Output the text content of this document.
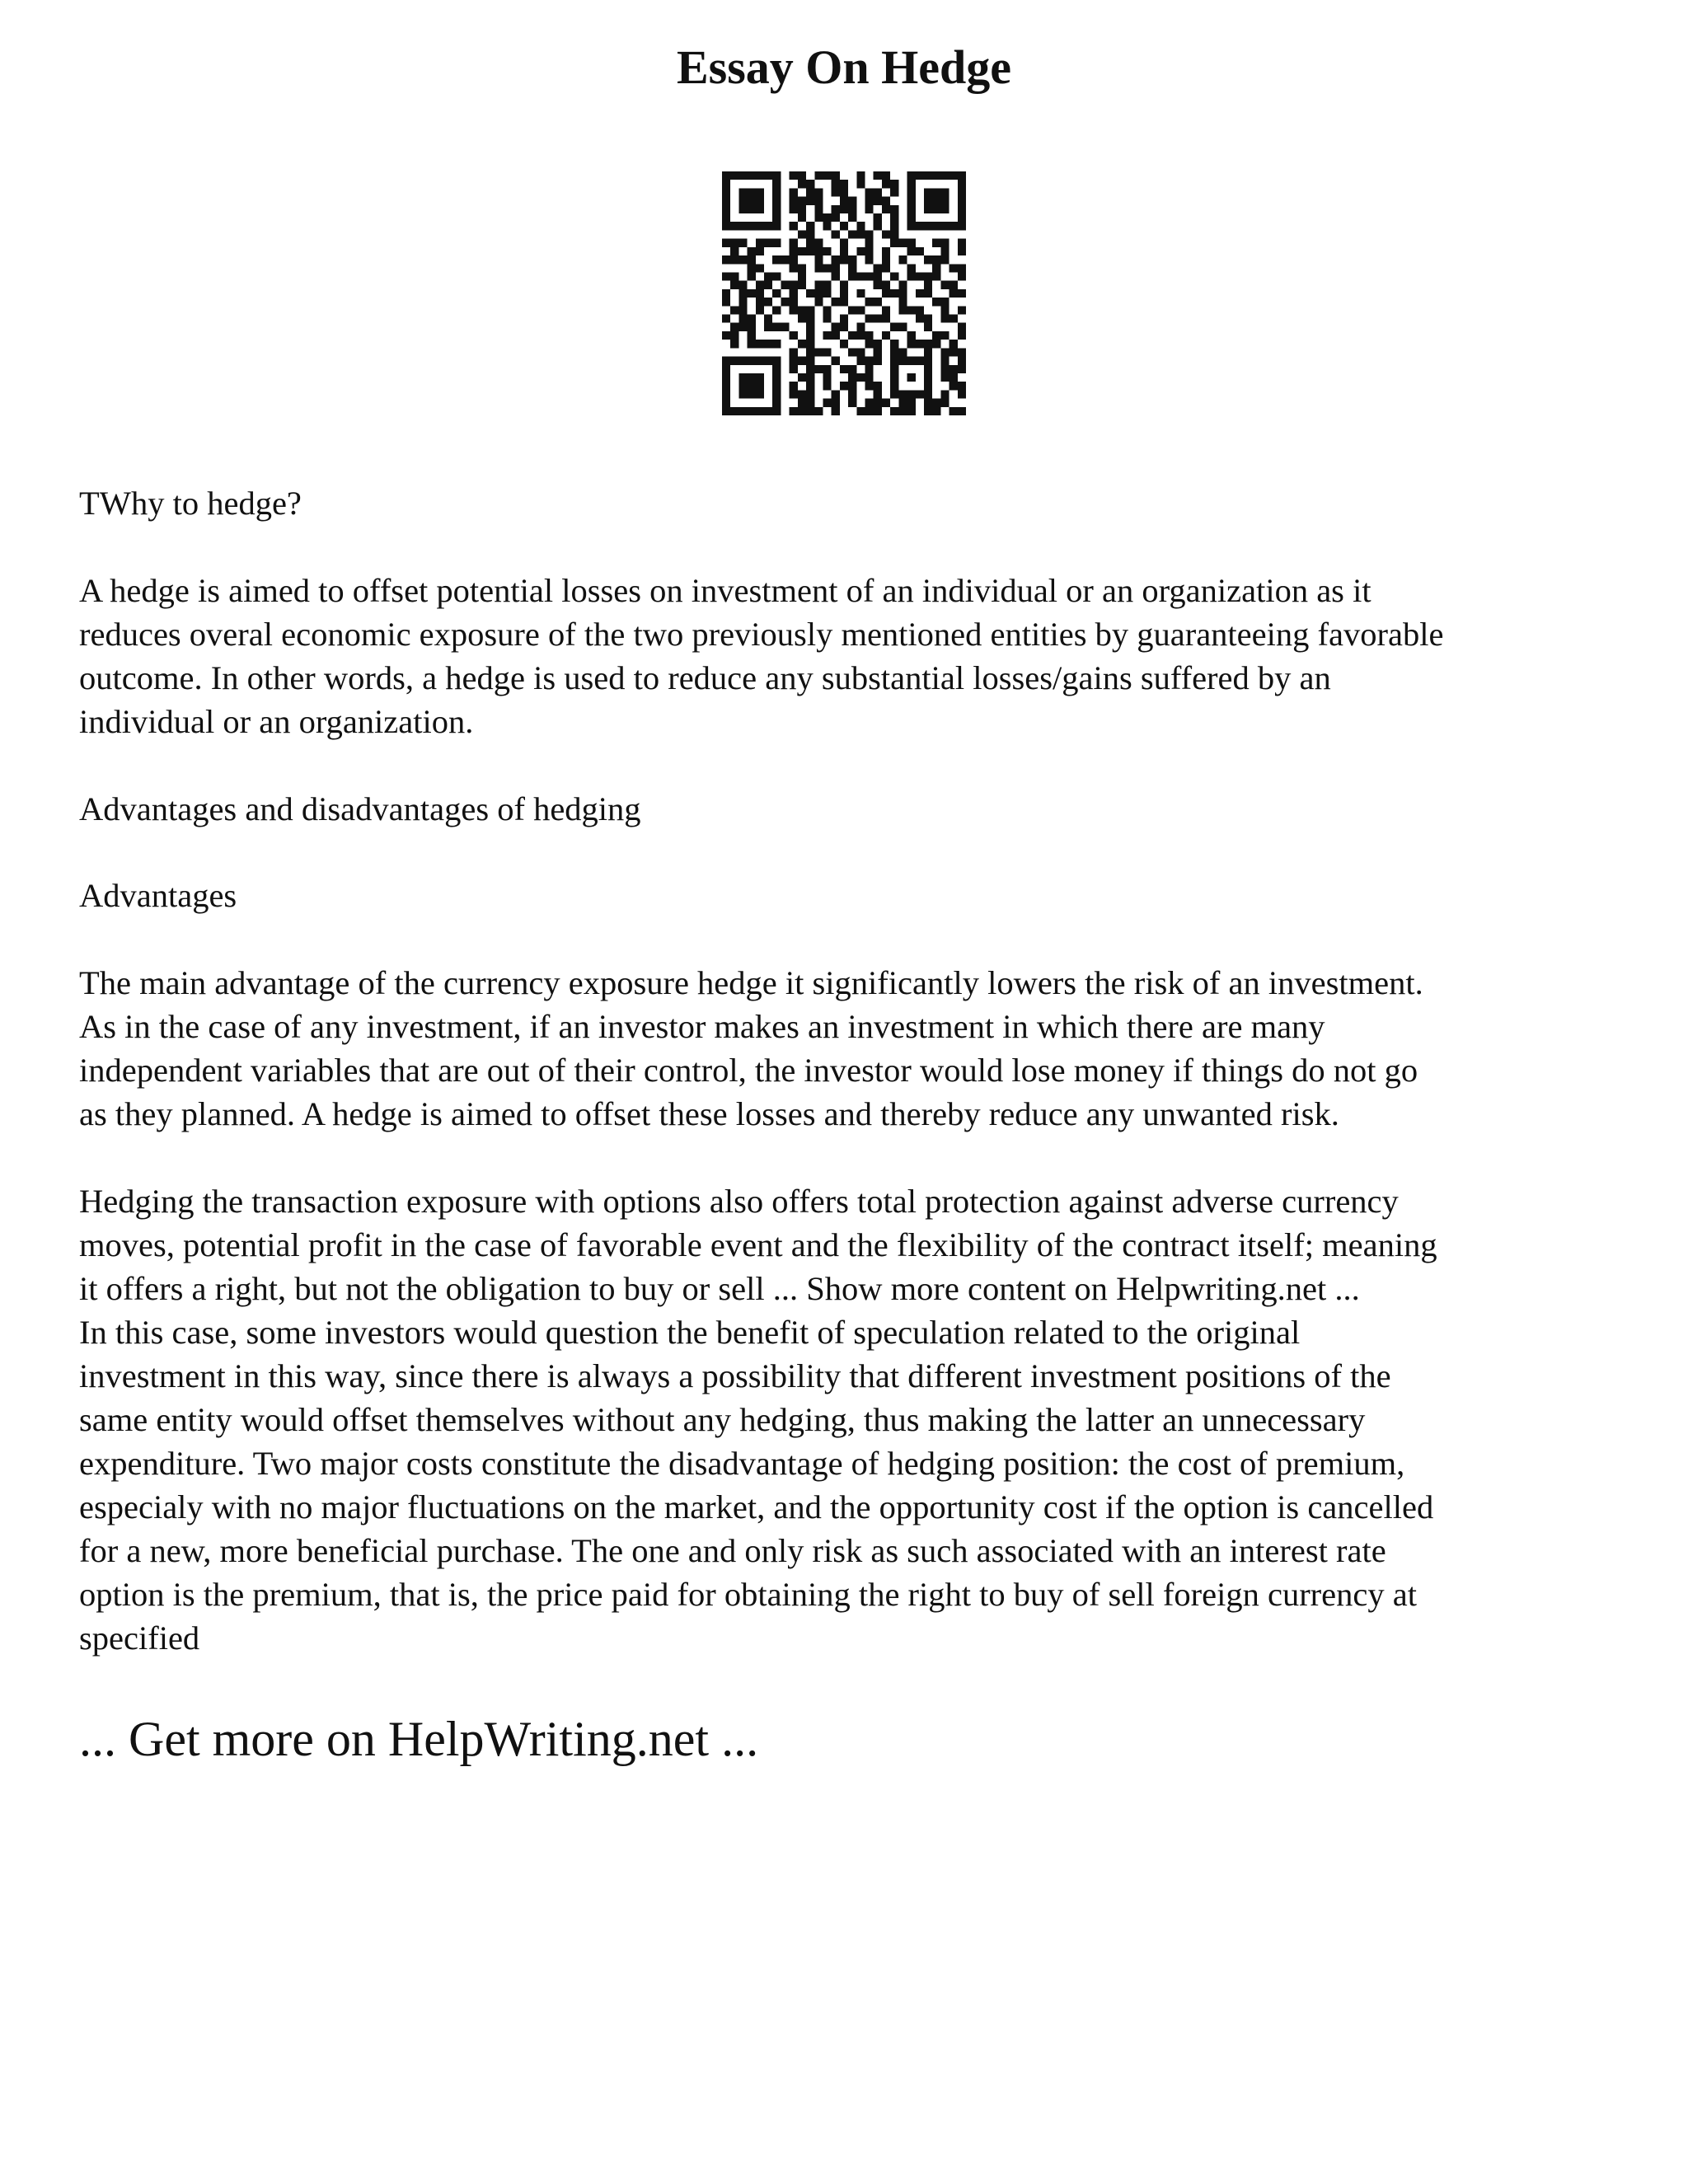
Essay On Hedge

TWhy to hedge?

A hedge is aimed to offset potential losses on investment of an individual or an organization as it
reduces overal economic exposure of the two previously mentioned entities by guaranteeing favorable
outcome. In other words, a hedge is used to reduce any substantial losses/gains suffered by an
individual or an organization.

Advantages and disadvantages of hedging

Advantages

The main advantage of the currency exposure hedge it significantly lowers the risk of an investment.
As in the case of any investment, if an investor makes an investment in which there are many
independent variables that are out of their control, the investor would lose money if things do not go
as they planned. A hedge is aimed to offset these losses and thereby reduce any unwanted risk.

Hedging the transaction exposure with options also offers total protection against adverse currency
moves, potential profit in the case of favorable event and the flexibility of the contract itself; meaning
it offers a right, but not the obligation to buy or sell ... Show more content on Helpwriting.net ...
In this case, some investors would question the benefit of speculation related to the original
investment in this way, since there is always a possibility that different investment positions of the
same entity would offset themselves without any hedging, thus making the latter an unnecessary
expenditure. Two major costs constitute the disadvantage of hedging position: the cost of premium,
especialy with no major fluctuations on the market, and the opportunity cost if the option is cancelled
for a new, more beneficial purchase. The one and only risk as such associated with an interest rate
option is the premium, that is, the price paid for obtaining the right to buy of sell foreign currency at
specified

... Get more on HelpWriting.net ...
